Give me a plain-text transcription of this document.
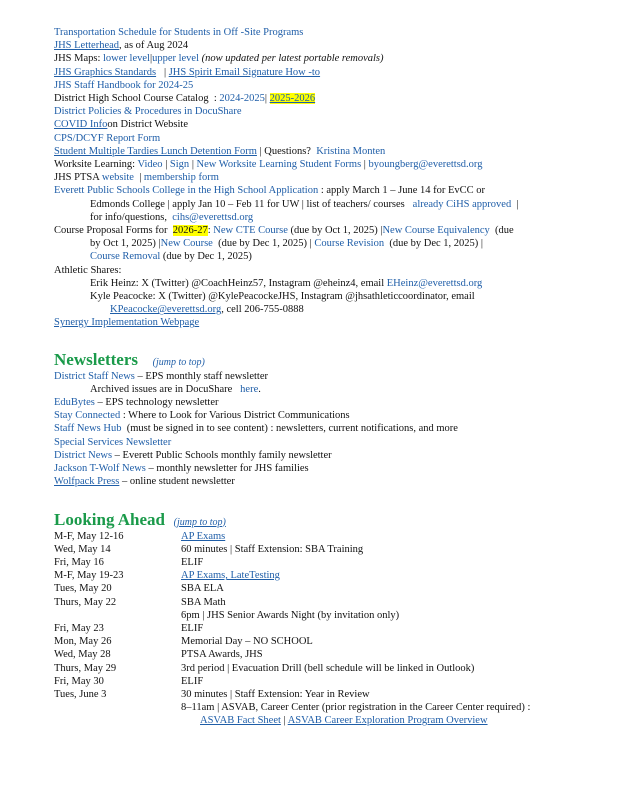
Transportation Schedule for Students in Off -Site Programs
JHS Letterhead, as of Aug 2024
JHS Maps: lower level|upper level (now updated per latest portable removals)
JHS Graphics Standards | JHS Spirit Email Signature How -to
JHS Staff Handbook for 2024-25
District High School Course Catalog : 2024-2025| 2025-2026
District Policies & Procedures in DocuShare
COVID Infoon District Website
CPS/DCYF Report Form
Student Multiple Tardies Lunch Detention Form | Questions? Kristina Monten
Worksite Learning: Video | Sign | New Worksite Learning Student Forms | byoungberg@everettsd.org
JHS PTSA website | membership form
Everett Public Schools College in the High School Application : apply March 1 – June 14 for EvCC or
Edmonds College | apply Jan 10 – Feb 11 for UW | list of teachers/ courses already CiHS approved |
for info/questions, cihs@everettsd.org
Course Proposal Forms for 2026-27: New CTE Course (due by Oct 1, 2025) |New Course Equivalency (due
by Oct 1, 2025) |New Course (due by Dec 1, 2025) | Course Revision (due by Dec 1, 2025) |
Course Removal (due by Dec 1, 2025)
Athletic Shares:
Erik Heinz: X (Twitter) @CoachHeinz57, Instagram @eheinz4, email EHeinz@everettsd.org
Kyle Peacocke: X (Twitter) @KylePeacockeJHS, Instagram @jhsathleticcoordinator, email
KPeacocke@everettsd.org, cell 206-755-0888
Synergy Implementation Webpage
Newsletters (jump to top)
District Staff News – EPS monthly staff newsletter
Archived issues are in DocuShare here.
EduBytes – EPS technology newsletter
Stay Connected : Where to Look for Various District Communications
Staff News Hub (must be signed in to see content) : newsletters, current notifications, and more
Special Services Newsletter
District News – Everett Public Schools monthly family newsletter
Jackson T-Wolf News – monthly newsletter for JHS families
Wolfpack Press – online student newsletter
Looking Ahead (jump to top)
M-F, May 12-16	AP Exams
Wed, May 14	60 minutes | Staff Extension: SBA Training
Fri, May 16	ELIF
M-F, May 19-23	AP Exams, LateTesting
Tues, May 20	SBA ELA
Thurs, May 22	SBA Math
6pm | JHS Senior Awards Night (by invitation only)
Fri, May 23	ELIF
Mon, May 26	Memorial Day – NO SCHOOL
Wed, May 28	PTSA Awards, JHS
Thurs, May 29	3rd period | Evacuation Drill (bell schedule will be linked in Outlook)
Fri, May 30	ELIF
Tues, June 3	30 minutes | Staff Extension: Year in Review
8–11am | ASVAB, Career Center (prior registration in the Career Center required) :
ASVAB Fact Sheet | ASVAB Career Exploration Program Overview
